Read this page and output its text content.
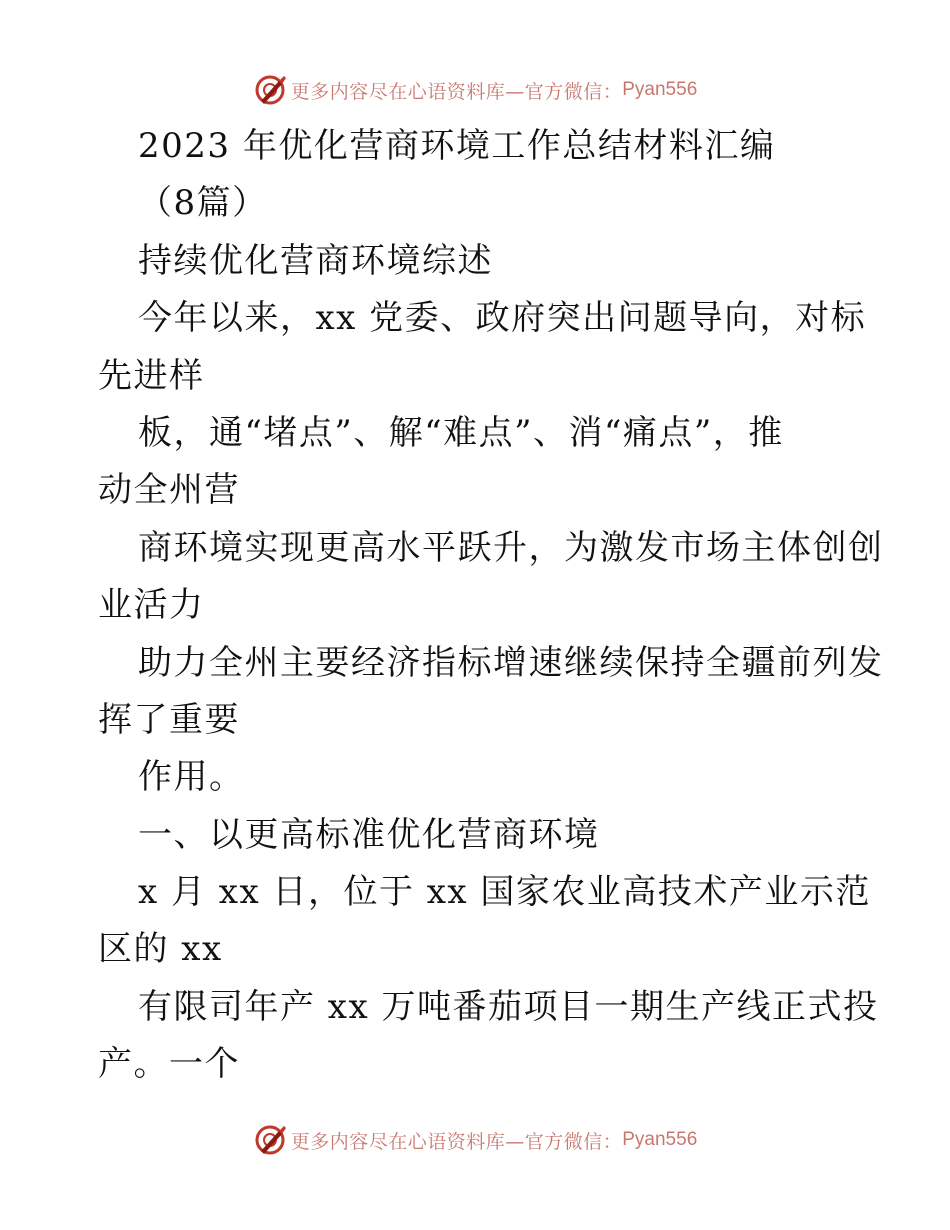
更多内容尽在心语资料库—官方微信： Pyan556
2023 年优化营商环境工作总结材料汇编
（8篇）
持续优化营商环境综述
今年以来，xx 党委、政府突出问题导向，对标
先进样
板，通“堵点”、解“难点”、消“痛点”，推
动全州营
商环境实现更高水平跃升，为激发市场主体创创
业活力
助力全州主要经济指标增速继续保持全疆前列发
挥了重要
作用。
一、以更高标准优化营商环境
x 月 xx 日，位于 xx 国家农业高技术产业示范
区的 xx
有限司年产 xx 万吨番茄项目一期生产线正式投
产。一个
更多内容尽在心语资料库—官方微信： Pyan556
